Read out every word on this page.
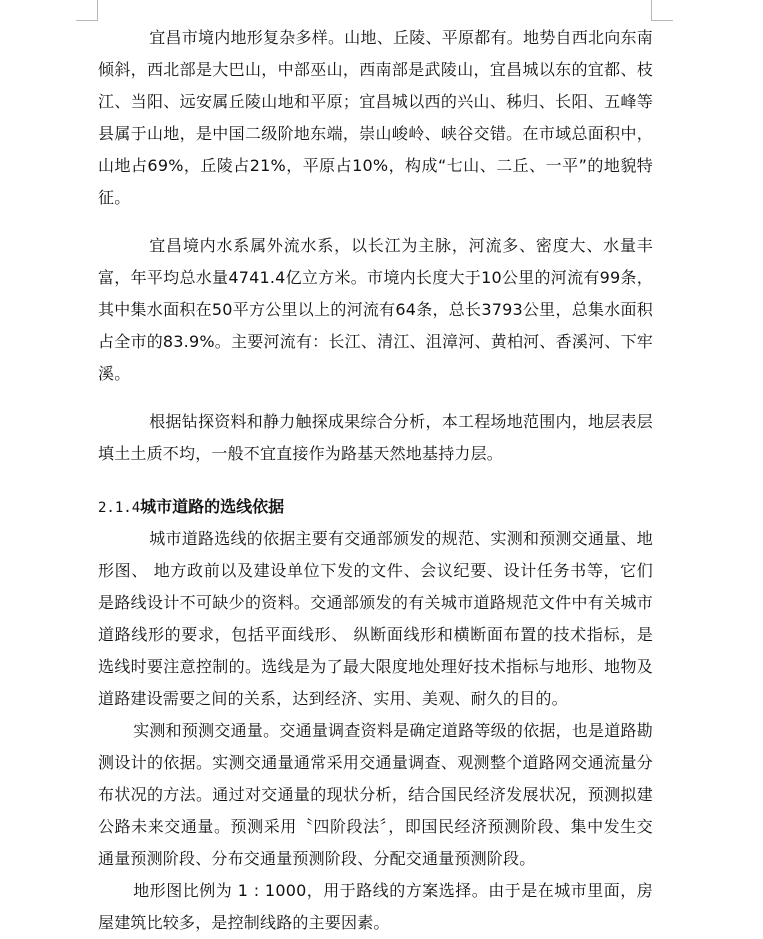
宜昌市境内地形复杂多样。山地、丘陵、平原都有。地势自西北向东南倾斜，西北部是大巴山，中部巫山，西南部是武陵山，宜昌城以东的宜都、枝江、当阳、远安属丘陵山地和平原；宜昌城以西的兴山、秭归、长阳、五峰等县属于山地，是中国二级阶地东端，崇山峻岭、峡谷交错。在市域总面积中，山地占69%，丘陵占21%，平原占10%，构成“七山、二丘、一平”的地貌特征。

宜昌境内水系属外流水系，以长江为主脉，河流多、密度大、水量丰富，年平均总水量4741.4亿立方米。市境内长度大于10公里的河流有99条，其中集水面积在50平方公里以上的河流有64条，总长3793公里，总集水面积占全市的83.9%。主要河流有：长江、清江、沮漳河、黄柏河、香溪河、下牢溪。

根据钻探资料和静力触探成果综合分析，本工程场地范围内，地层表层填土土质不均，一般不宜直接作为路基天然地基持力层。

2.1.4城市道路的选线依据

城市道路选线的依据主要有交通部颁发的规范、实测和预测交通量、地形图、 地方政前以及建设单位下发的文件、会议纪要、设计任务书等，它们是路线设计不可缺少的资料。交通部颁发的有关城市道路规范文件中有关城市道路线形的要求，包括平面线形、 纵断面线形和横断面布置的技术指标，是选线时要注意控制的。选线是为了最大限度地处理好技术指标与地形、地物及道路建设需要之间的关系，达到经济、实用、美观、耐久的目的。

实测和预测交通量。交通量调查资料是确定道路等级的依据，也是道路勘测设计的依据。实测交通量通常采用交通量调查、观测整个道路网交通流量分布状况的方法。通过对交通量的现状分析，结合国民经济发展状况，预测拟建公路未来交通量。预测采用〝四阶段法〞，即国民经济预测阶段、集中发生交通量预测阶段、分布交通量预测阶段、分配交通量预测阶段。

地形图比例为 1 : 1000，用于路线的方案选择。由于是在城市里面，房屋建筑比较多，是控制线路的主要因素。
